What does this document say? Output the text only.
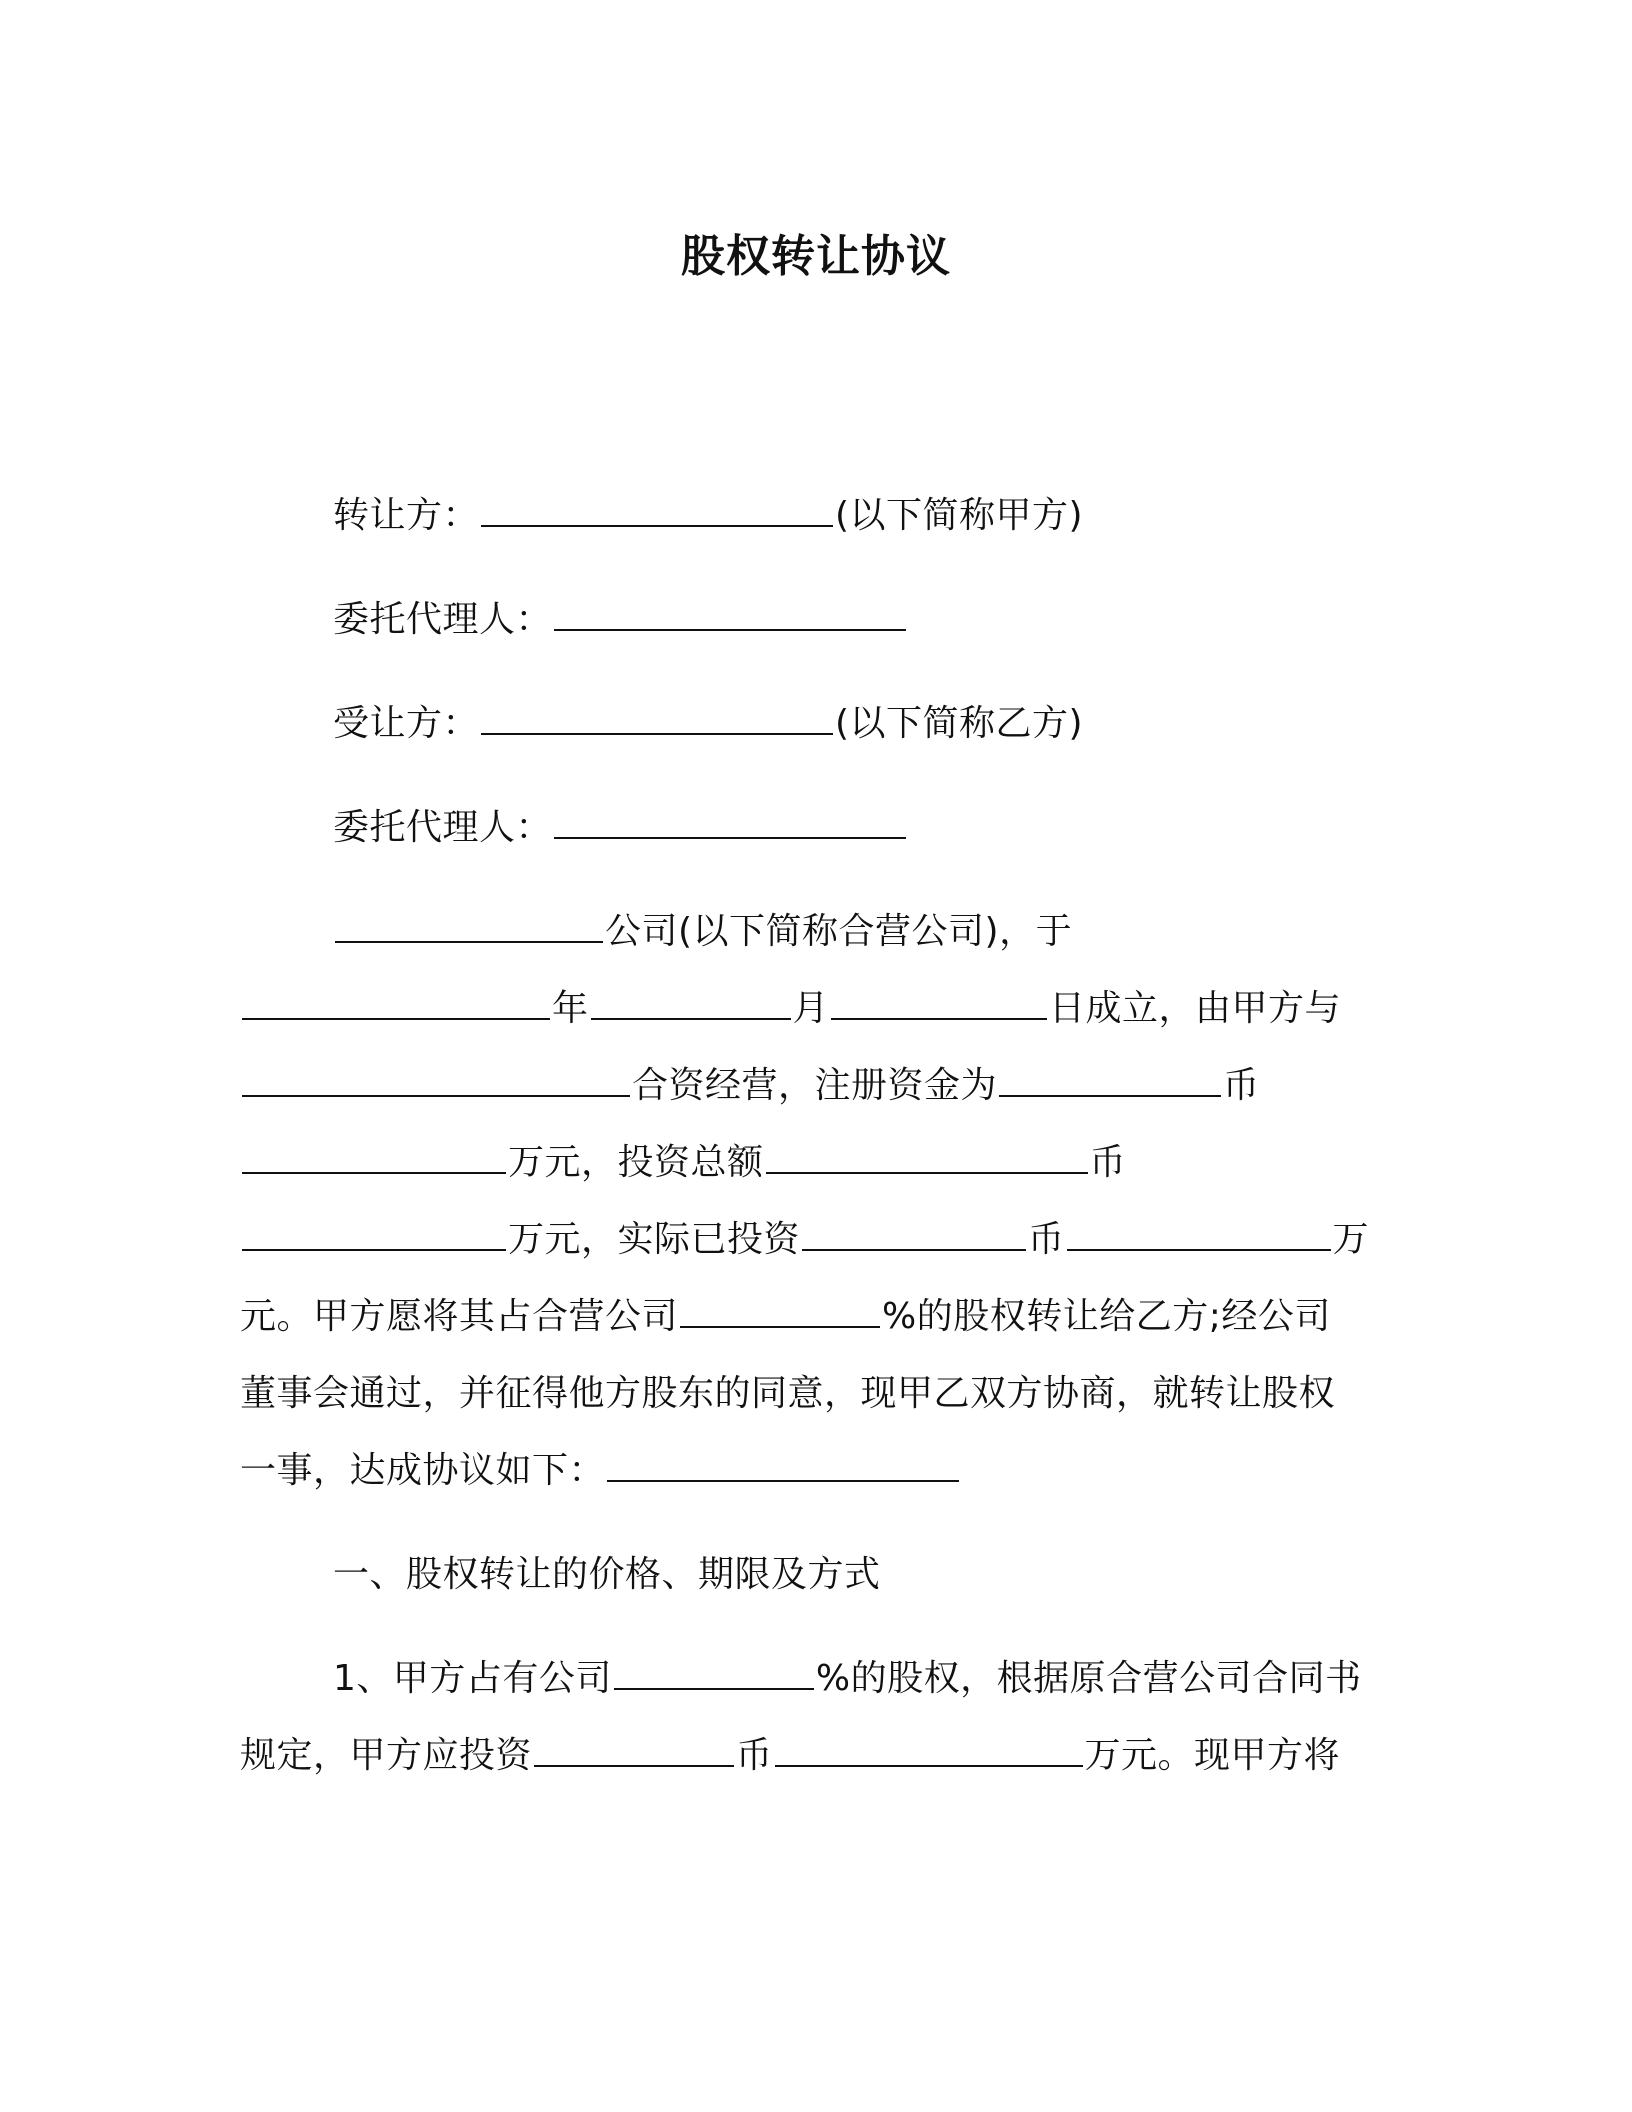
股权转让协议
转让方：	(以下简称甲方)
委托代理人：
受让方：	(以下简称乙方)
委托代理人：
公司(以下简称合营公司)，于
年	月	日成立，由甲方与
合资经营，注册资金为	币
万元，投资总额	币
万元，实际已投资	币	万
元。甲方愿将其占合营公司	%的股权转让给乙方;经公司
董事会通过，并征得他方股东的同意，现甲乙双方协商，就转让股权
一事，达成协议如下：
一、股权转让的价格、期限及方式
1、甲方占有公司	%的股权，根据原合营公司合同书
规定，甲方应投资	币	万元。现甲方将
